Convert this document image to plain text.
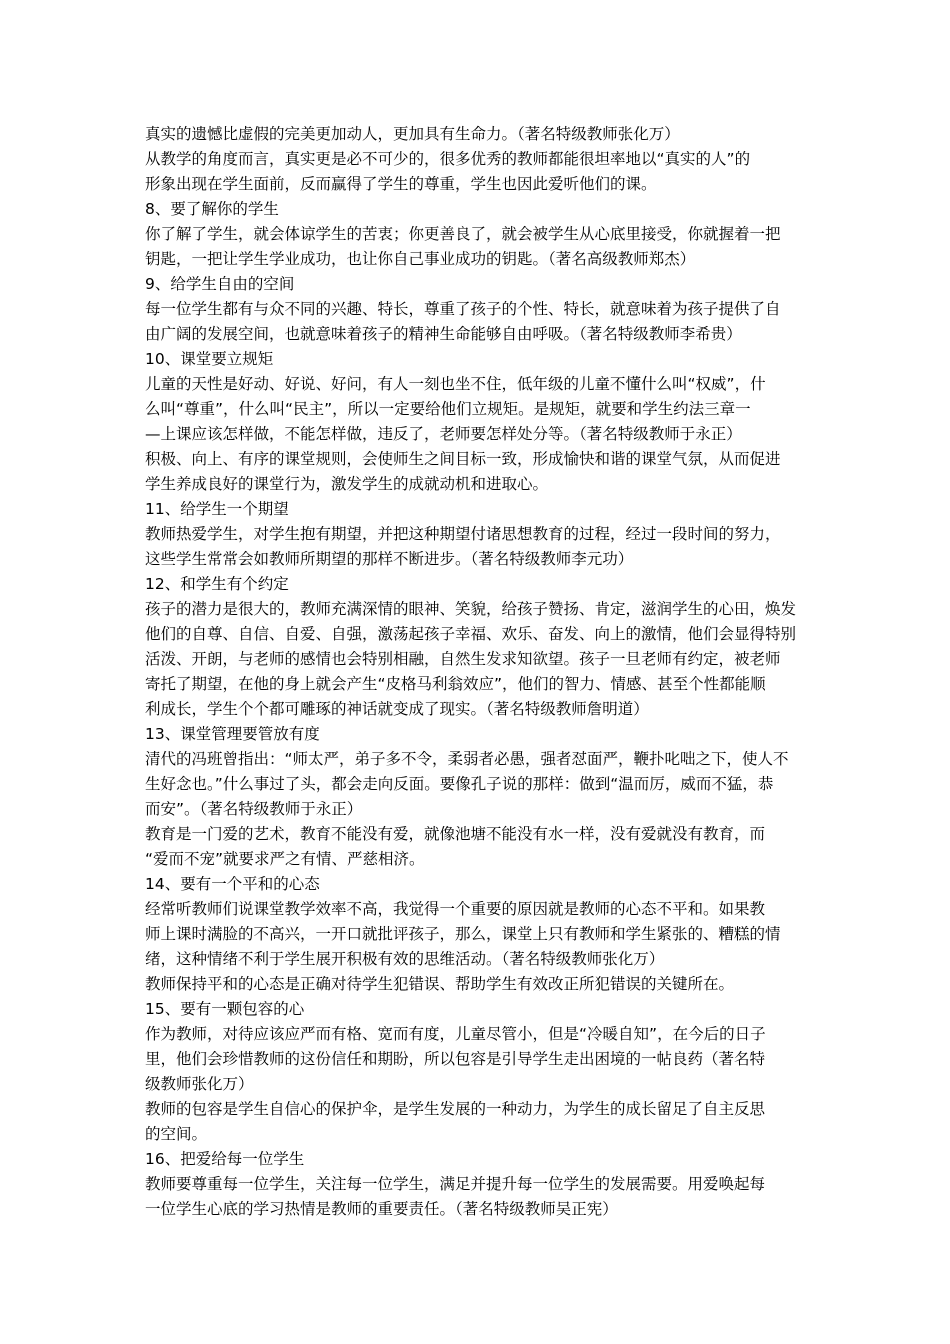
真实的遗憾比虚假的完美更加动人，更加具有生命力。（著名特级教师张化万）
从教学的角度而言，真实更是必不可少的，很多优秀的教师都能很坦率地以“真实的人”的
形象出现在学生面前，反而赢得了学生的尊重，学生也因此爱听他们的课。
8、要了解你的学生
你了解了学生，就会体谅学生的苦衷；你更善良了，就会被学生从心底里接受，你就握着一把
钥匙，一把让学生学业成功，也让你自己事业成功的钥匙。（著名高级教师郑杰）
9、给学生自由的空间
每一位学生都有与众不同的兴趣、特长，尊重了孩子的个性、特长，就意味着为孩子提供了自
由广阔的发展空间，也就意味着孩子的精神生命能够自由呼吸。（著名特级教师李希贵）
10、课堂要立规矩
儿童的天性是好动、好说、好问，有人一刻也坐不住，低年级的儿童不懂什么叫“权威”，什
么叫“尊重”，什么叫“民主”，所以一定要给他们立规矩。是规矩，就要和学生约法三章一
—上课应该怎样做，不能怎样做，违反了，老师要怎样处分等。（著名特级教师于永正）
积极、向上、有序的课堂规则，会使师生之间目标一致，形成愉快和谐的课堂气氛，从而促进
学生养成良好的课堂行为，激发学生的成就动机和进取心。
11、给学生一个期望
教师热爱学生，对学生抱有期望，并把这种期望付诸思想教育的过程，经过一段时间的努力，
这些学生常常会如教师所期望的那样不断进步。（著名特级教师李元功）
12、和学生有个约定
孩子的潜力是很大的，教师充满深情的眼神、笑貌，给孩子赞扬、肯定，滋润学生的心田，焕发
他们的自尊、自信、自爱、自强，激荡起孩子幸福、欢乐、奋发、向上的激情，他们会显得特别
活泼、开朗，与老师的感情也会特别相融，自然生发求知欲望。孩子一旦老师有约定，被老师
寄托了期望，在他的身上就会产生“皮格马利翁效应”，他们的智力、情感、甚至个性都能顺
利成长，学生个个都可雕琢的神话就变成了现实。（著名特级教师詹明道）
13、课堂管理要管放有度
清代的冯班曾指出：“师太严，弟子多不令，柔弱者必愚，强者怼面严，鞭扑叱咄之下，使人不
生好念也。”什么事过了头，都会走向反面。要像孔子说的那样：做到“温而厉，威而不猛，恭
而安”。（著名特级教师于永正）
教育是一门爱的艺术，教育不能没有爱，就像池塘不能没有水一样，没有爱就没有教育，而
“爱而不宠”就要求严之有情、严慈相济。
14、要有一个平和的心态
经常听教师们说课堂教学效率不高，我觉得一个重要的原因就是教师的心态不平和。如果教
师上课时满脸的不高兴，一开口就批评孩子，那么，课堂上只有教师和学生紧张的、糟糕的情
绪，这种情绪不利于学生展开积极有效的思维活动。（著名特级教师张化万）
教师保持平和的心态是正确对待学生犯错误、帮助学生有效改正所犯错误的关键所在。
15、要有一颗包容的心
作为教师，对待应该应严而有格、宽而有度，儿童尽管小，但是“冷暖自知”，在今后的日子
里，他们会珍惜教师的这份信任和期盼，所以包容是引导学生走出困境的一帖良药（著名特
级教师张化万）
教师的包容是学生自信心的保护伞，是学生发展的一种动力，为学生的成长留足了自主反思
的空间。
16、把爱给每一位学生
教师要尊重每一位学生，关注每一位学生，满足并提升每一位学生的发展需要。用爱唤起每
一位学生心底的学习热情是教师的重要责任。（著名特级教师吴正宪）
